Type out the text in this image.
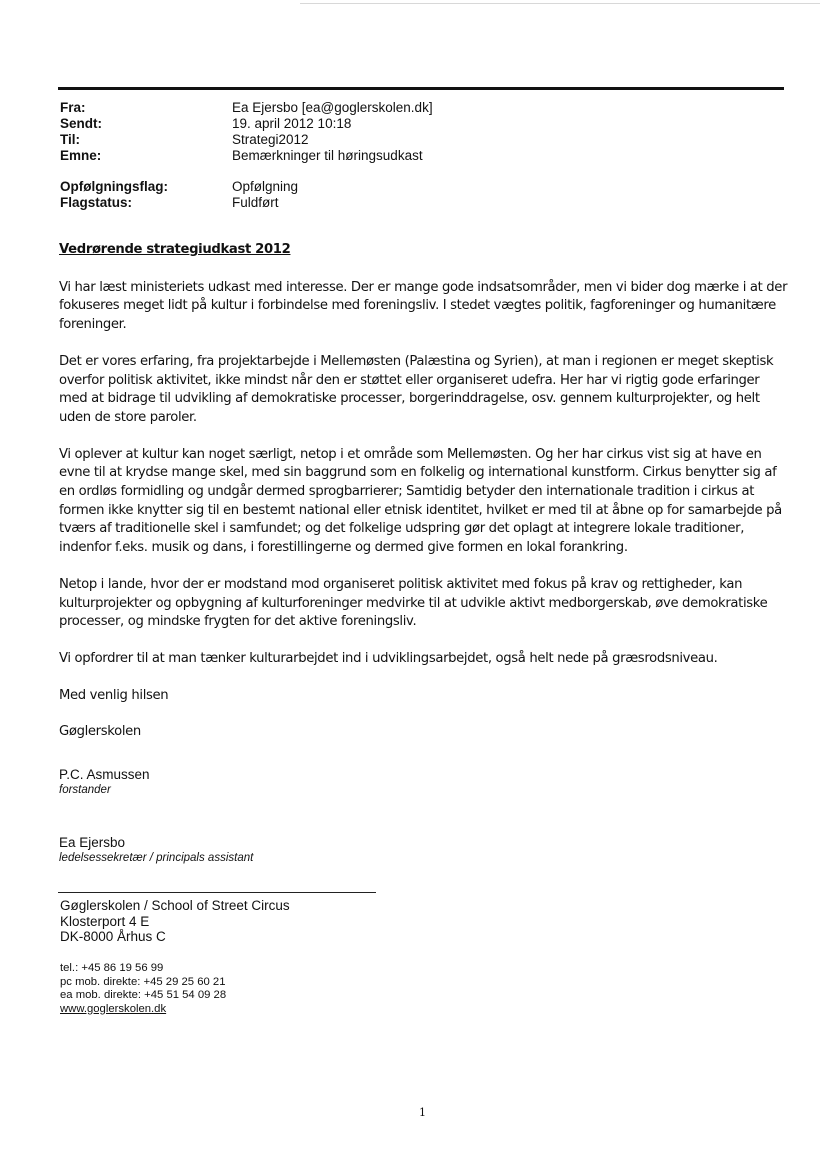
Fra:	Ea Ejersbo [ea@goglerskolen.dk]
Sendt:	19. april 2012 10:18
Til:	Strategi2012
Emne:	Bemærkninger til høringsudkast
Opfølgningsflag:	Opfølgning
Flagstatus:	Fuldført

Vedrørende strategiudkast 2012

Vi har læst ministeriets udkast med interesse. Der er mange gode indsatsområder, men vi bider dog mærke i at der fokuseres meget lidt på kultur i forbindelse med foreningsliv. I stedet vægtes politik, fagforeninger og humanitære foreninger.

Det er vores erfaring, fra projektarbejde i Mellemøsten (Palæstina og Syrien), at man i regionen er meget skeptisk overfor politisk aktivitet, ikke mindst når den er støttet eller organiseret udefra. Her har vi rigtig gode erfaringer med at bidrage til udvikling af demokratiske processer, borgerinddragelse, osv. gennem kulturprojekter, og helt uden de store paroler.

Vi oplever at kultur kan noget særligt, netop i et område som Mellemøsten. Og her har cirkus vist sig at have en evne til at krydse mange skel, med sin baggrund som en folkelig og international kunstform. Cirkus benytter sig af en ordløs formidling og undgår dermed sprogbarrierer; Samtidig betyder den internationale tradition i cirkus at formen ikke knytter sig til en bestemt national eller etnisk identitet, hvilket er med til at åbne op for samarbejde på tværs af traditionelle skel i samfundet; og det folkelige udspring gør det oplagt at integrere lokale traditioner, indenfor f.eks. musik og dans, i forestillingerne og dermed give formen en lokal forankring.

Netop i lande, hvor der er modstand mod organiseret politisk aktivitet med fokus på krav og rettigheder, kan kulturprojekter og opbygning af kulturforeninger medvirke til at udvikle aktivt medborgerskab, øve demokratiske processer, og mindske frygten for det aktive foreningsliv.

Vi opfordrer til at man tænker kulturarbejdet ind i udviklingsarbejdet, også helt nede på græsrodsniveau.

Med venlig hilsen

Gøglerskolen

P.C. Asmussen
forstander
Ea Ejersbo
ledelsessekretær / principals assistant
Gøglerskolen / School of Street Circus
Klosterport 4 E
DK-8000 Århus C
tel.: +45 86 19 56 99
pc mob. direkte: +45 29 25 60 21
ea mob. direkte: +45 51 54 09 28
www.goglerskolen.dk
1
